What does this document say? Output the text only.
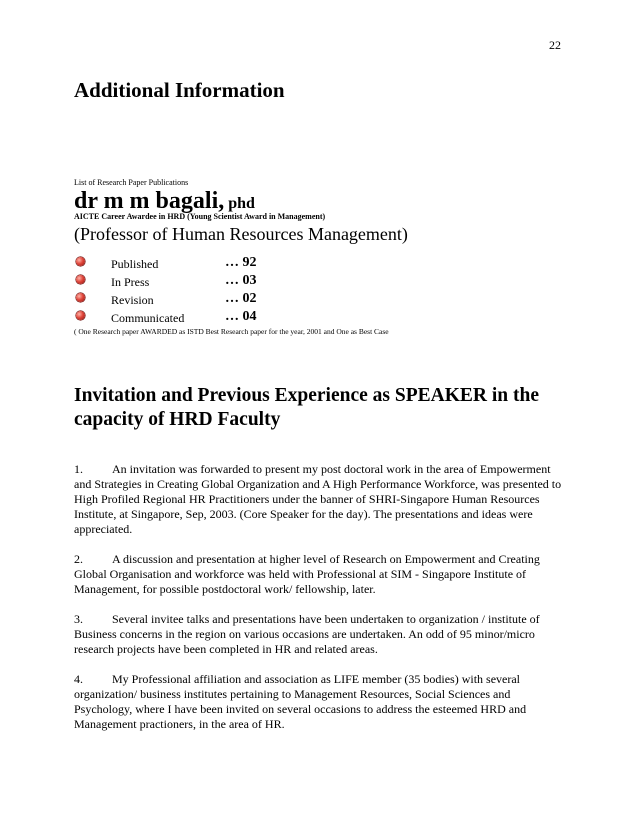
22
Additional Information
List of Research Paper Publications
dr m m bagali, phd
AICTE Career Awardee in HRD (Young Scientist Award in Management)
(Professor of Human Resources Management)
Published	… 92
In Press	… 03
Revision	… 02
Communicated	… 04
( One Research paper AWARDED as ISTD Best Research paper for the year, 2001 and One as Best Case
Invitation and Previous Experience as SPEAKER in the capacity of HRD Faculty
1. An invitation was forwarded to present my post doctoral work in the area of Empowerment and Strategies in Creating Global Organization and A High Performance Workforce, was presented to High Profiled Regional HR Practitioners under the banner of SHRI-Singapore Human Resources Institute, at Singapore, Sep, 2003. (Core Speaker for the day). The presentations and ideas were appreciated.
2. A discussion and presentation at higher level of Research on Empowerment and Creating Global Organisation and workforce was held with Professional at SIM - Singapore Institute of Management, for possible postdoctoral work/ fellowship, later.
3. Several invitee talks and presentations have been undertaken to organization / institute of Business concerns in the region on various occasions are undertaken. An odd of 95 minor/micro research projects have been completed in HR and related areas.
4. My Professional affiliation and association as LIFE member (35 bodies) with several organization/ business institutes pertaining to Management Resources, Social Sciences and Psychology, where I have been invited on several occasions to address the esteemed HRD and Management practioners, in the area of HR.
